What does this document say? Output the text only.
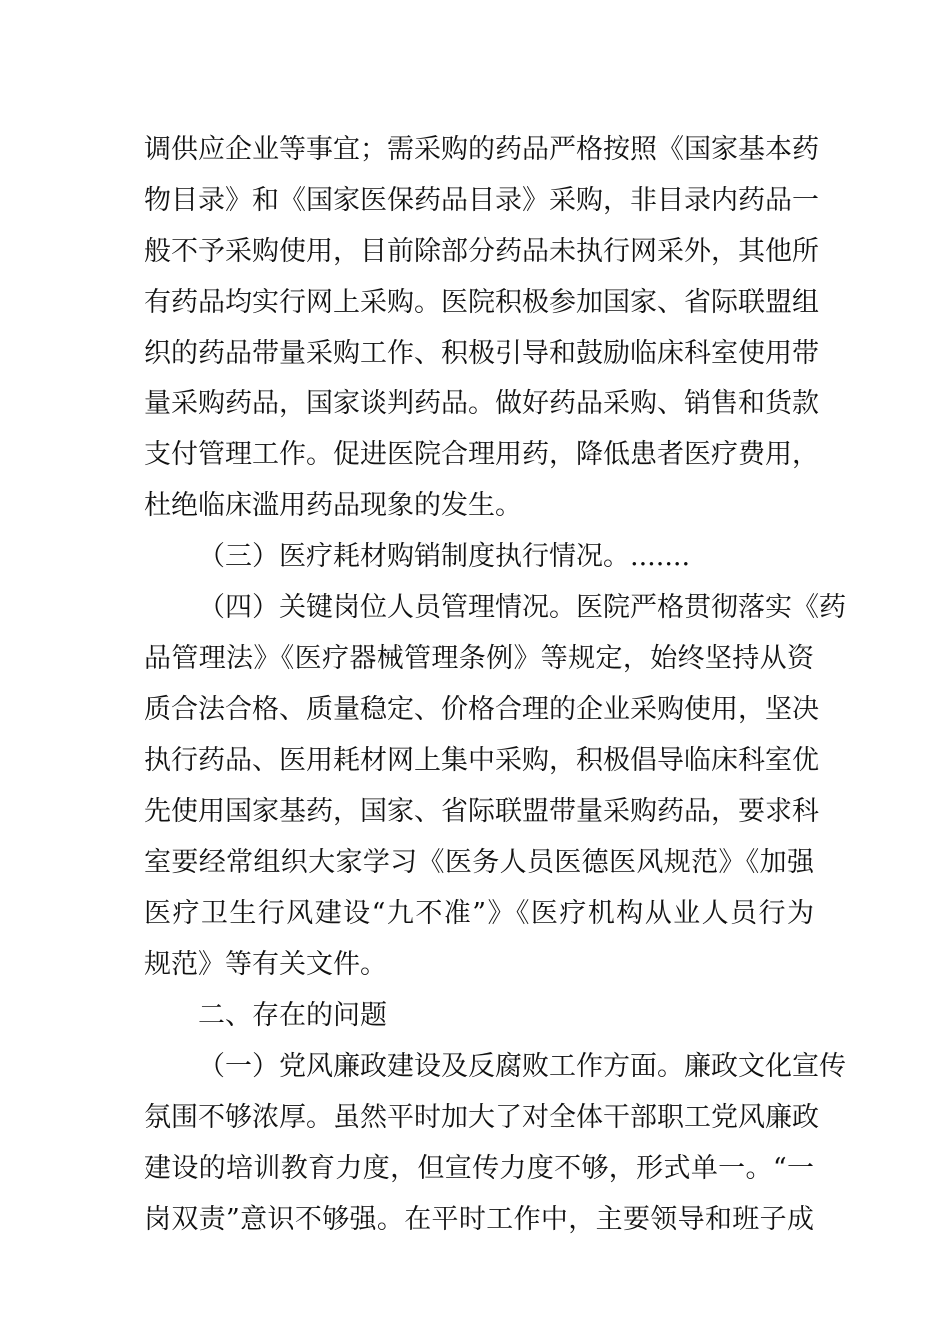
调供应企业等事宜；需采购的药品严格按照《国家基本药
物目录》和《国家医保药品目录》采购，非目录内药品一
般不予采购使用，目前除部分药品未执行网采外，其他所
有药品均实行网上采购。医院积极参加国家、省际联盟组
织的药品带量采购工作、积极引导和鼓励临床科室使用带
量采购药品，国家谈判药品。做好药品采购、销售和货款
支付管理工作。促进医院合理用药，降低患者医疗费用，
杜绝临床滥用药品现象的发生。
（三）医疗耗材购销制度执行情况。.......
（四）关键岗位人员管理情况。医院严格贯彻落实《药
品管理法》《医疗器械管理条例》等规定，始终坚持从资
质合法合格、质量稳定、价格合理的企业采购使用，坚决
执行药品、医用耗材网上集中采购，积极倡导临床科室优
先使用国家基药，国家、省际联盟带量采购药品，要求科
室要经常组织大家学习《医务人员医德医风规范》《加强
医疗卫生行风建设“九不准”》《医疗机构从业人员行为
规范》等有关文件。
二、存在的问题
（一）党风廉政建设及反腐败工作方面。廉政文化宣传
氛围不够浓厚。虽然平时加大了对全体干部职工党风廉政
建设的培训教育力度，但宣传力度不够，形式单一。“一
岗双责”意识不够强。在平时工作中，主要领导和班子成
